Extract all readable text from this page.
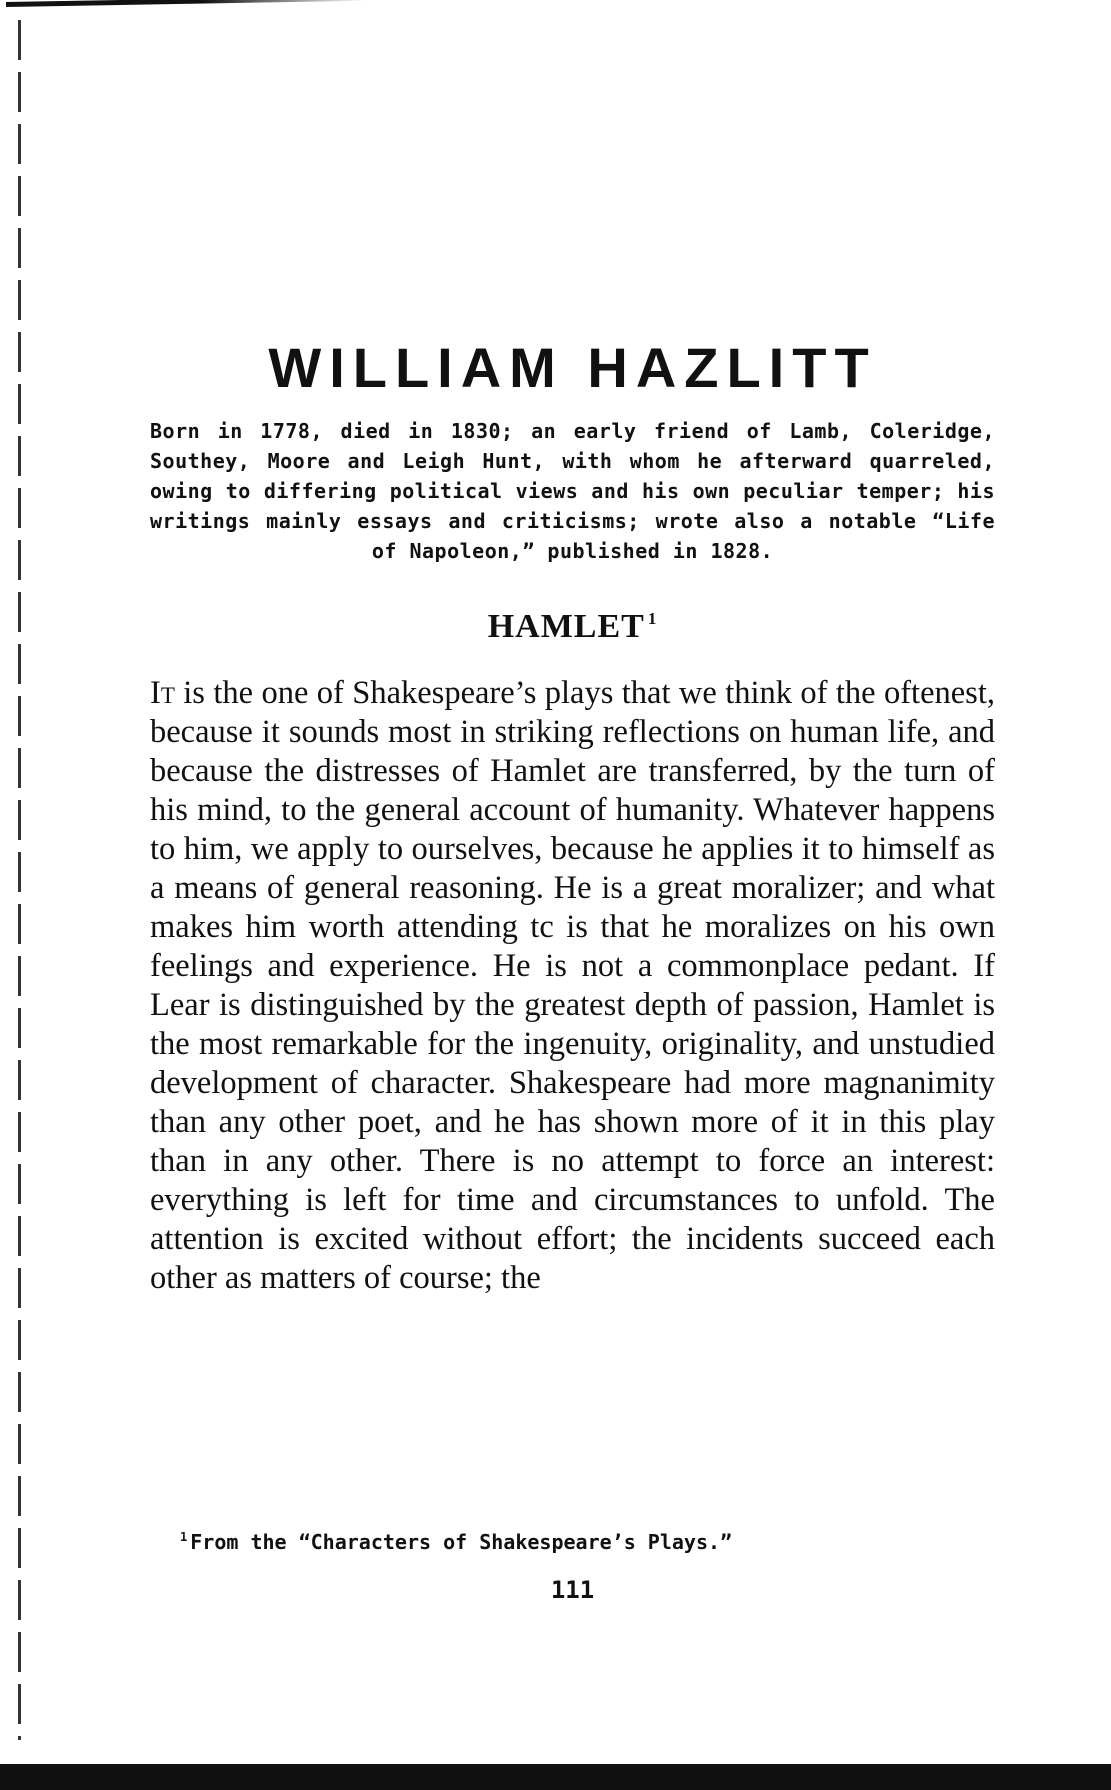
WILLIAM HAZLITT

Born in 1778, died in 1830; an early friend of Lamb, Coleridge, Southey, Moore and Leigh Hunt, with whom he afterward quarreled, owing to differing political views and his own peculiar temper; his writings mainly essays and criticisms; wrote also a notable “Life of Napoleon,” published in 1828.

HAMLET $^1$

It is the one of Shakespeare’s plays that we think of the oftenest, because it sounds most in striking reflections on human life, and because the distresses of Hamlet are transferred, by the turn of his mind, to the general account of humanity. Whatever happens to him, we apply to ourselves, because he applies it to himself as a means of general reasoning. He is a great moralizer; and what makes him worth attending tc is that he moralizes on his own feelings and experience. He is not a commonplace pedant. If Lear is distinguished by the greatest depth of passion, Hamlet is the most remarkable for the ingenuity, originality, and unstudied development of character. Shakespeare had more magnanimity than any other poet, and he has shown more of it in this play than in any other. There is no attempt to force an interest: everything is left for time and circumstances to unfold. The attention is excited without effort; the incidents succeed each other as matters of course; the

$^1$ From the “Characters of Shakespeare’s Plays.”

111
